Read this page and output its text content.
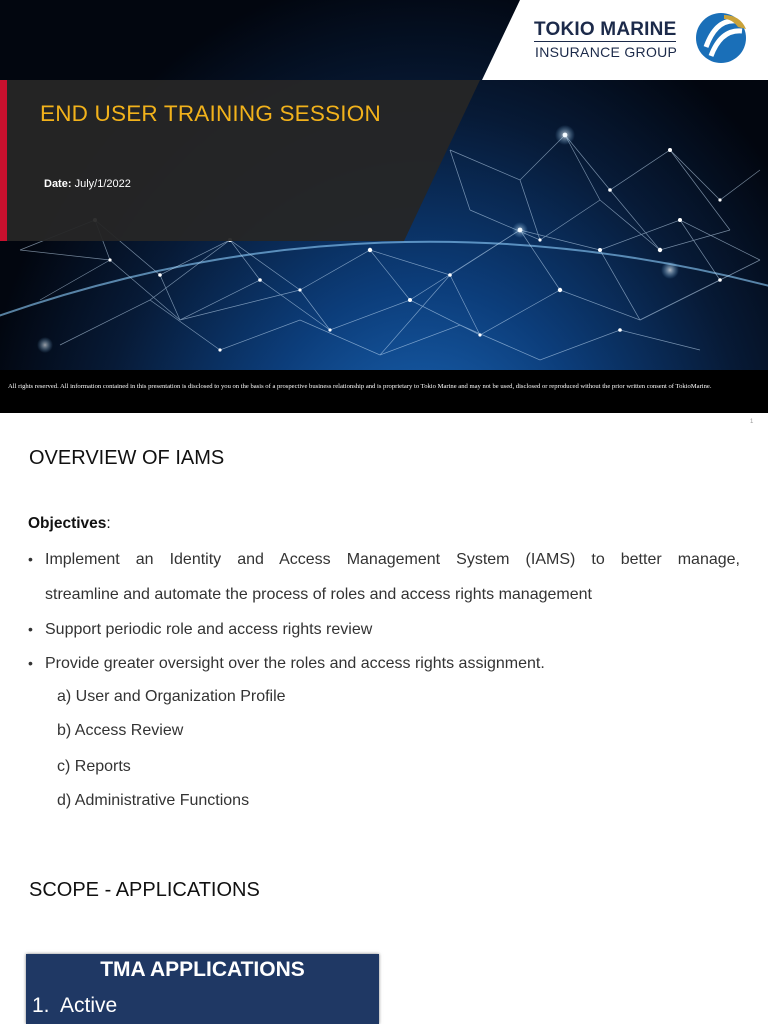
TOKIO MARINE
INSURANCE GROUP
END USER TRAINING SESSION
Date: July/1/2022
All rights reserved. All information contained in this presentation is disclosed to you on the basis of a prospective business relationship and is proprietary to Tokio Marine and may not be used, disclosed or reproduced without the prior written consent of TokioMarine.
1
OVERVIEW OF IAMS
Objectives:
• Implement an Identity and Access Management System (IAMS) to better manage,
streamline and automate the process of roles and access rights management
• Support periodic role and access rights review
• Provide greater oversight over the roles and access rights assignment.
a) User and Organization Profile
b) Access Review
c) Reports
d) Administrative Functions
SCOPE - APPLICATIONS
TMA APPLICATIONS
1.  Active
